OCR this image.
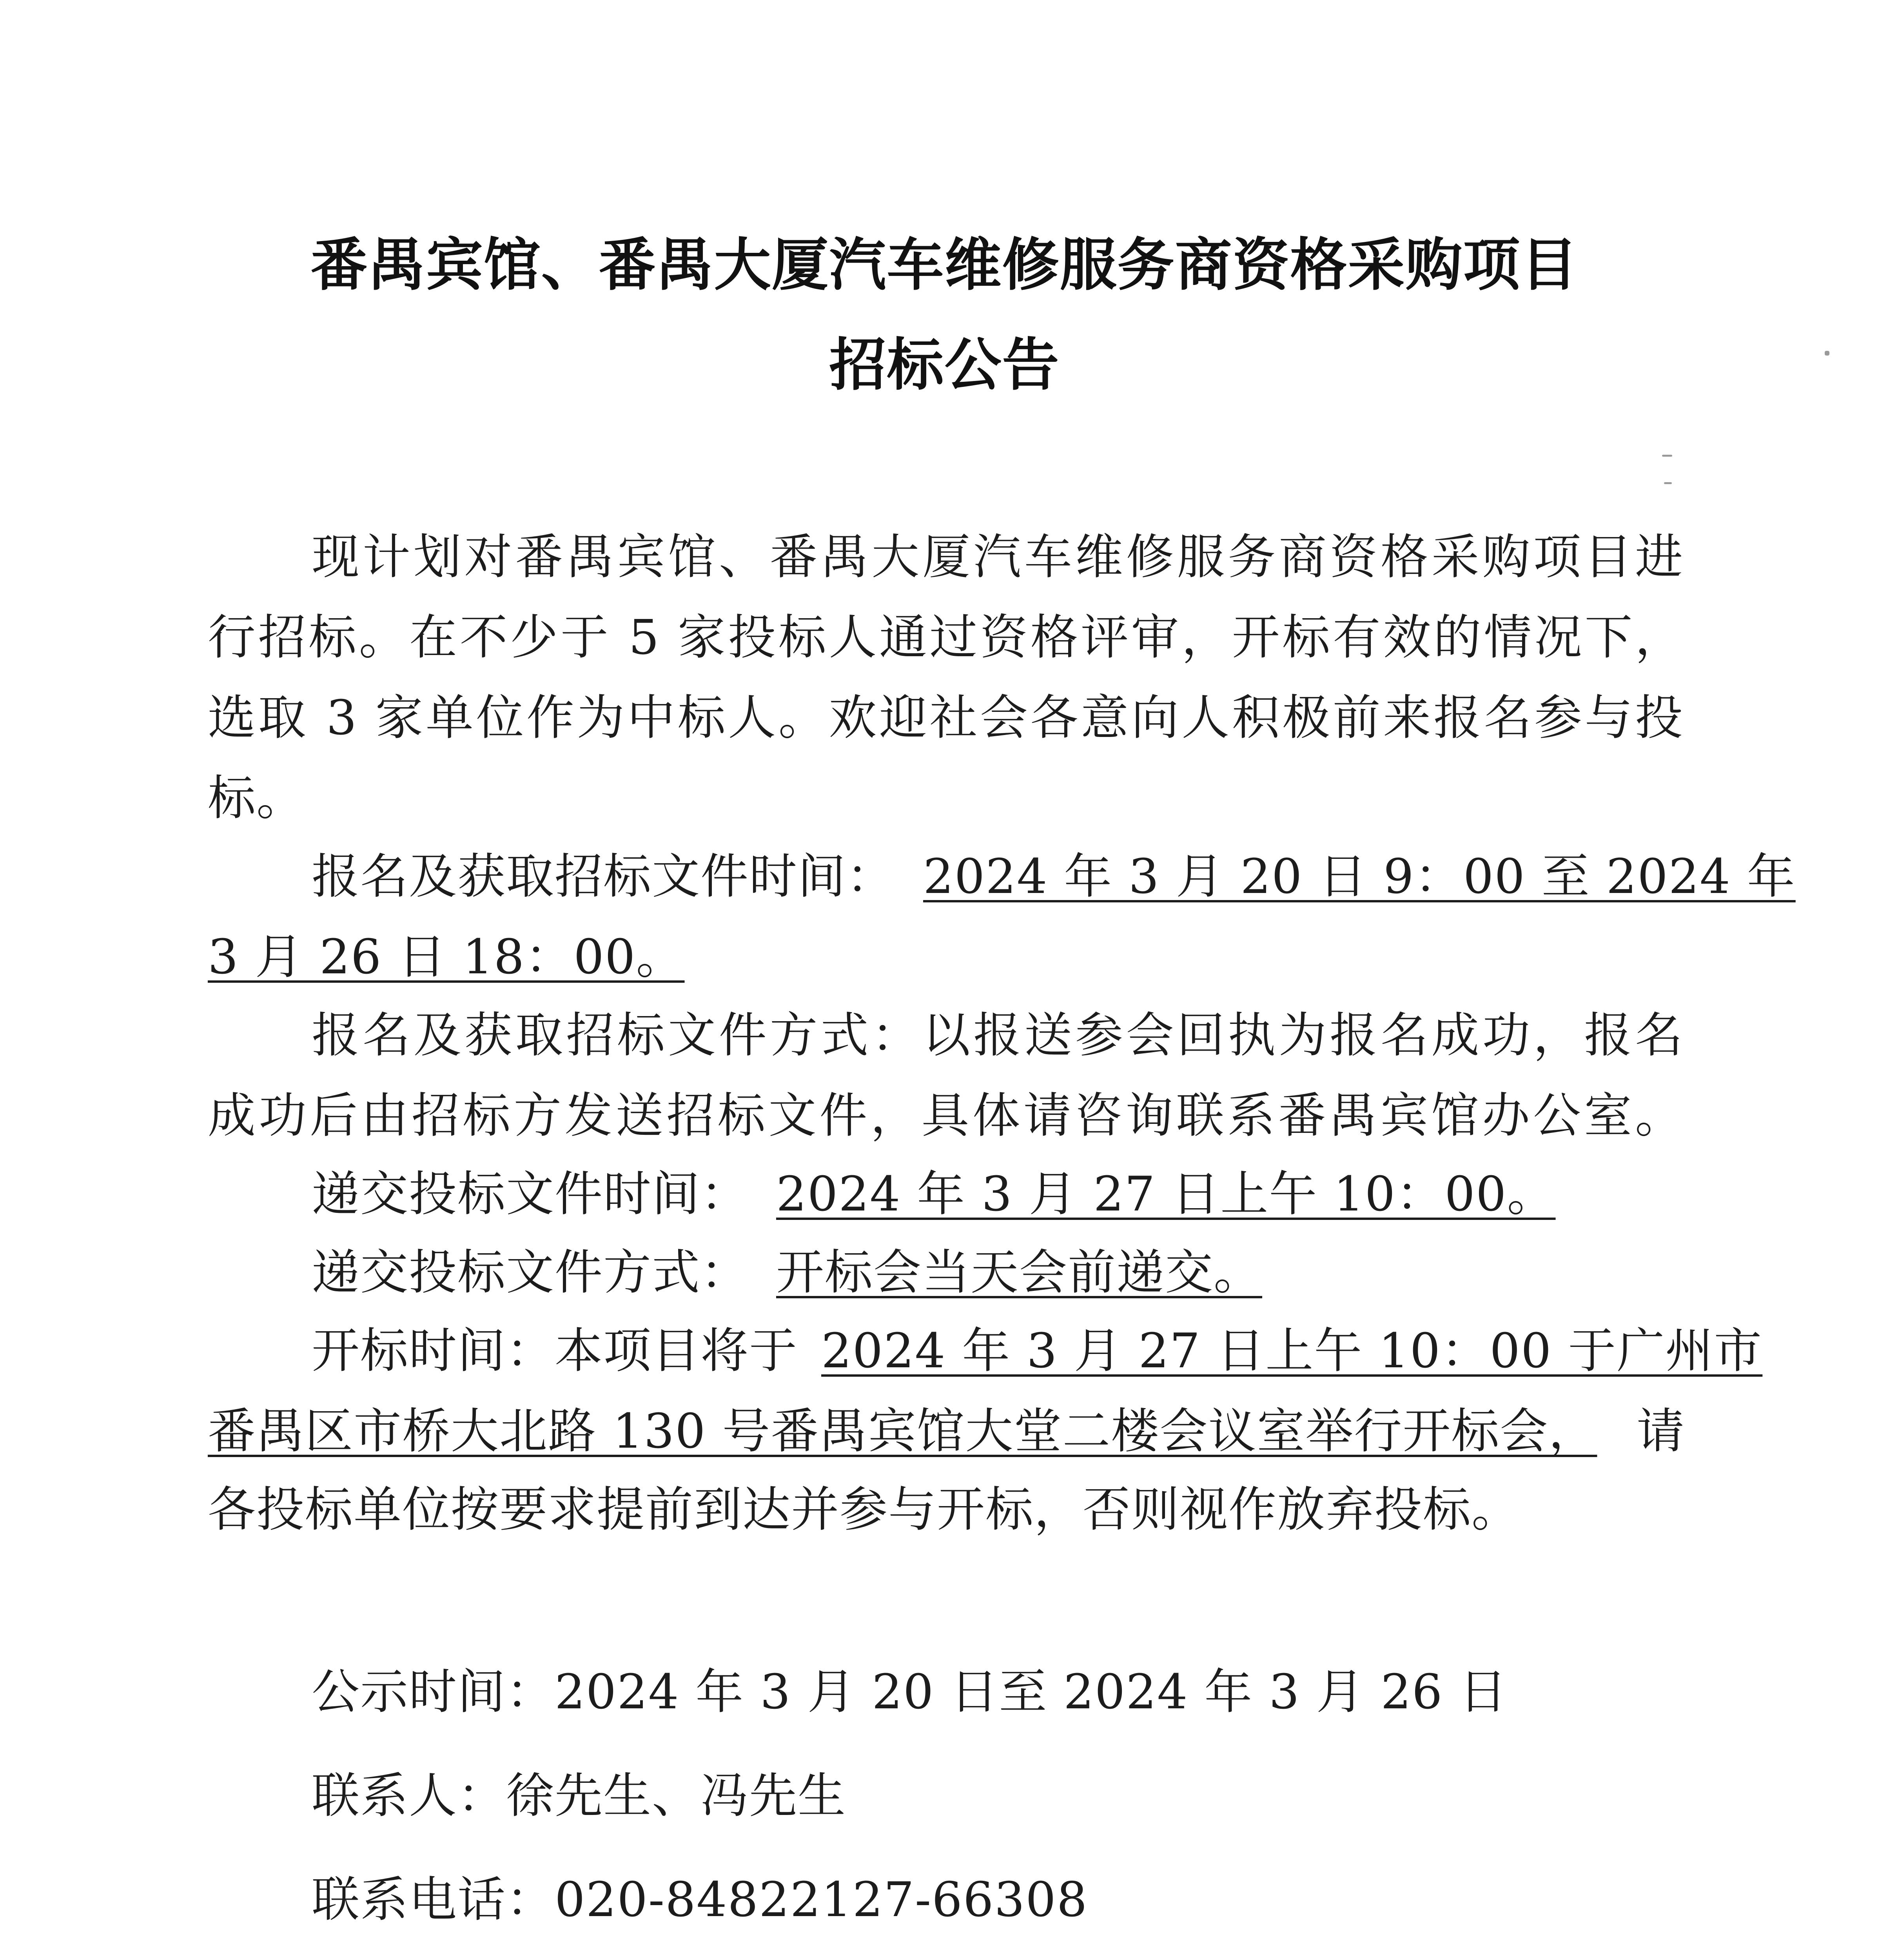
番禺宾馆、番禺大厦汽车维修服务商资格采购项目
招标公告
现计划对番禺宾馆、番禺大厦汽车维修服务商资格采购项目进
行招标。在不少于 5 家投标人通过资格评审，开标有效的情况下，
选取 3 家单位作为中标人。欢迎社会各意向人积极前来报名参与投
标。
报名及获取招标文件时间： 2024 年 3 月 20 日 9：00 至 2024 年
3 月 26 日 18：00。
报名及获取招标文件方式：以报送参会回执为报名成功，报名
成功后由招标方发送招标文件，具体请咨询联系番禺宾馆办公室。
递交投标文件时间： 2024 年 3 月 27 日上午 10：00。
递交投标文件方式： 开标会当天会前递交。
开标时间：本项目将于 2024 年 3 月 27 日上午 10：00 于广州市
番禺区市桥大北路 130 号番禺宾馆大堂二楼会议室举行开标会， 请
各投标单位按要求提前到达并参与开标，否则视作放弃投标。
公示时间：2024 年 3 月 20 日至 2024 年 3 月 26 日
联系人：徐先生、冯先生
联系电话：020-84822127-66308
